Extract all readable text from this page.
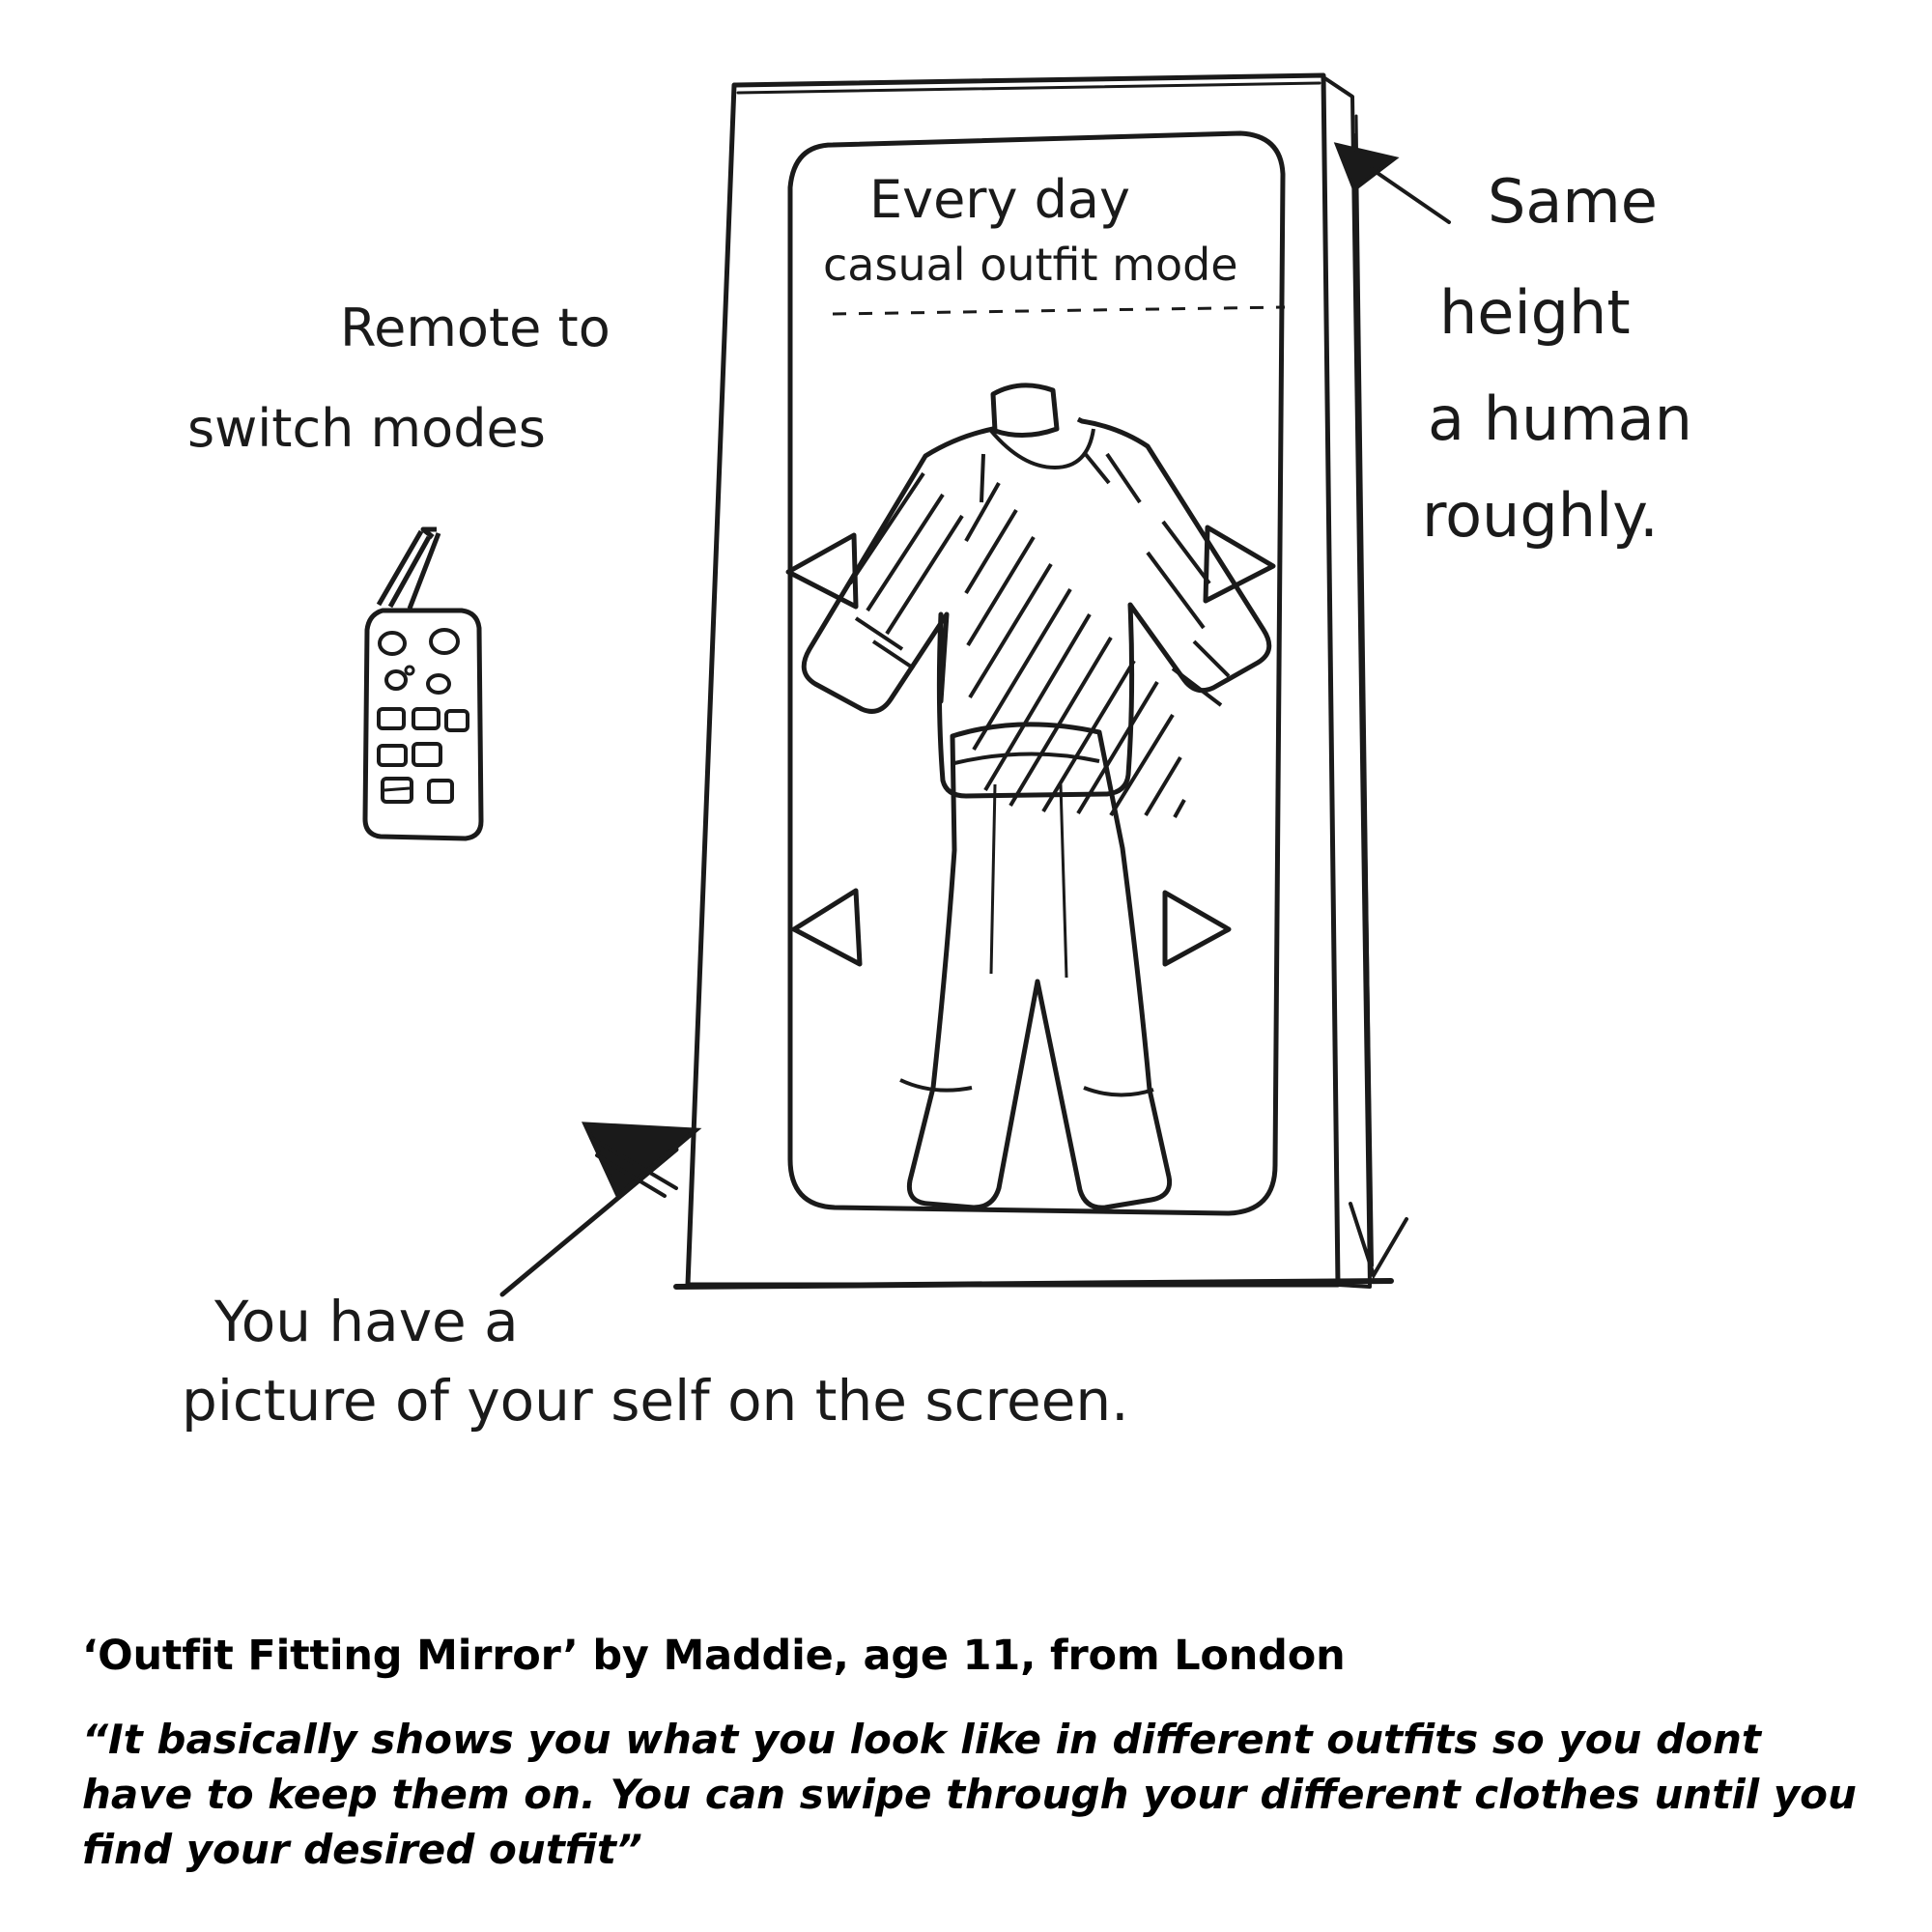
Every day
casual outfit mode
Remote to
switch modes
Same
height
a human
roughly.
You have a
picture of your self on the screen.

‘Outfit Fitting Mirror’ by Maddie, age 11, from London

“It basically shows you what you look like in different outfits so you dont have to keep them on. You can swipe through your different clothes until you find your desired outfit”
